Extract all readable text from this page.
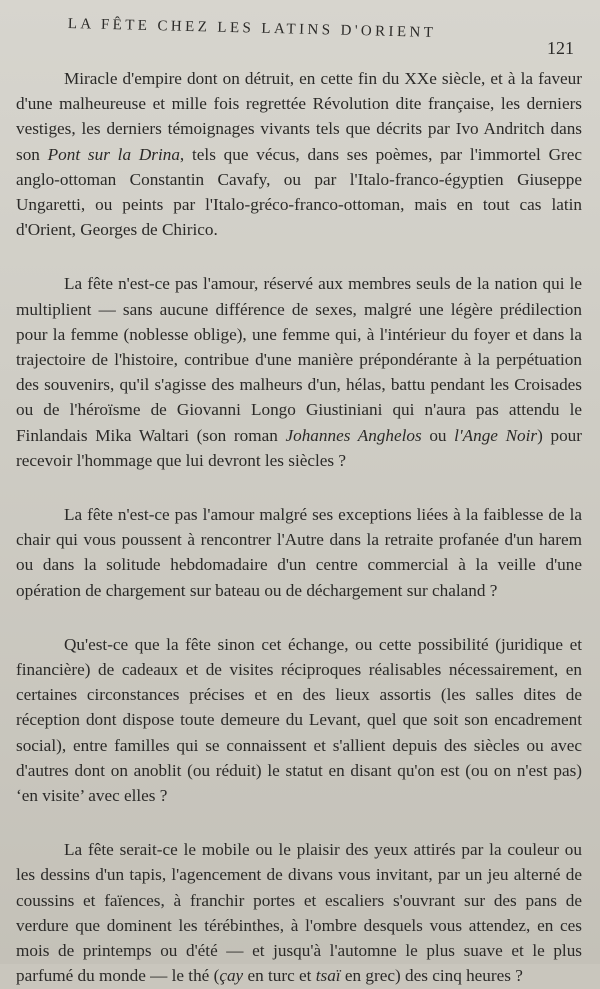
LA FÊTE CHEZ LES LATINS D'ORIENT
121

Miracle d'empire dont on détruit, en cette fin du XXe siècle, et à la faveur d'une malheureuse et mille fois regrettée Révolution dite française, les derniers vestiges, les derniers témoignages vivants tels que décrits par Ivo Andritch dans son Pont sur la Drina, tels que vécus, dans ses poèmes, par l'immortel Grec anglo-ottoman Constantin Cavafy, ou par l'Italo-franco-égyptien Giuseppe Ungaretti, ou peints par l'Italo-gréco-franco-ottoman, mais en tout cas latin d'Orient, Georges de Chirico.

La fête n'est-ce pas l'amour, réservé aux membres seuls de la nation qui le multiplient — sans aucune différence de sexes, malgré une légère prédilection pour la femme (noblesse oblige), une femme qui, à l'intérieur du foyer et dans la trajectoire de l'histoire, contribue d'une manière prépondérante à la perpétuation des souvenirs, qu'il s'agisse des malheurs d'un, hélas, battu pendant les Croisades ou de l'héroïsme de Giovanni Longo Giustiniani qui n'aura pas attendu le Finlandais Mika Waltari (son roman Johannes Anghelos ou l'Ange Noir) pour recevoir l'hommage que lui devront les siècles ?

La fête n'est-ce pas l'amour malgré ses exceptions liées à la faiblesse de la chair qui vous poussent à rencontrer l'Autre dans la retraite profanée d'un harem ou dans la solitude hebdomadaire d'un centre commercial à la veille d'une opération de chargement sur bateau ou de déchargement sur chaland ?

Qu'est-ce que la fête sinon cet échange, ou cette possibilité (juridique et financière) de cadeaux et de visites réciproques réalisables nécessairement, en certaines circonstances précises et en des lieux assortis (les salles dites de réception dont dispose toute demeure du Levant, quel que soit son encadrement social), entre familles qui se connaissent et s'allient depuis des siècles ou avec d'autres dont on anoblit (ou réduit) le statut en disant qu'on est (ou on n'est pas) ‘en visite’ avec elles ?

La fête serait-ce le mobile ou le plaisir des yeux attirés par la couleur ou les dessins d'un tapis, l'agencement de divans vous invitant, par un jeu alterné de coussins et faïences, à franchir portes et escaliers s'ouvrant sur des pans de verdure que dominent les térébinthes, à l'ombre desquels vous attendez, en ces mois de printemps ou d'été — et jusqu'à l'automne le plus suave et le plus parfumé du monde — le thé (çay en turc et tsaï en grec) des cinq heures ?
